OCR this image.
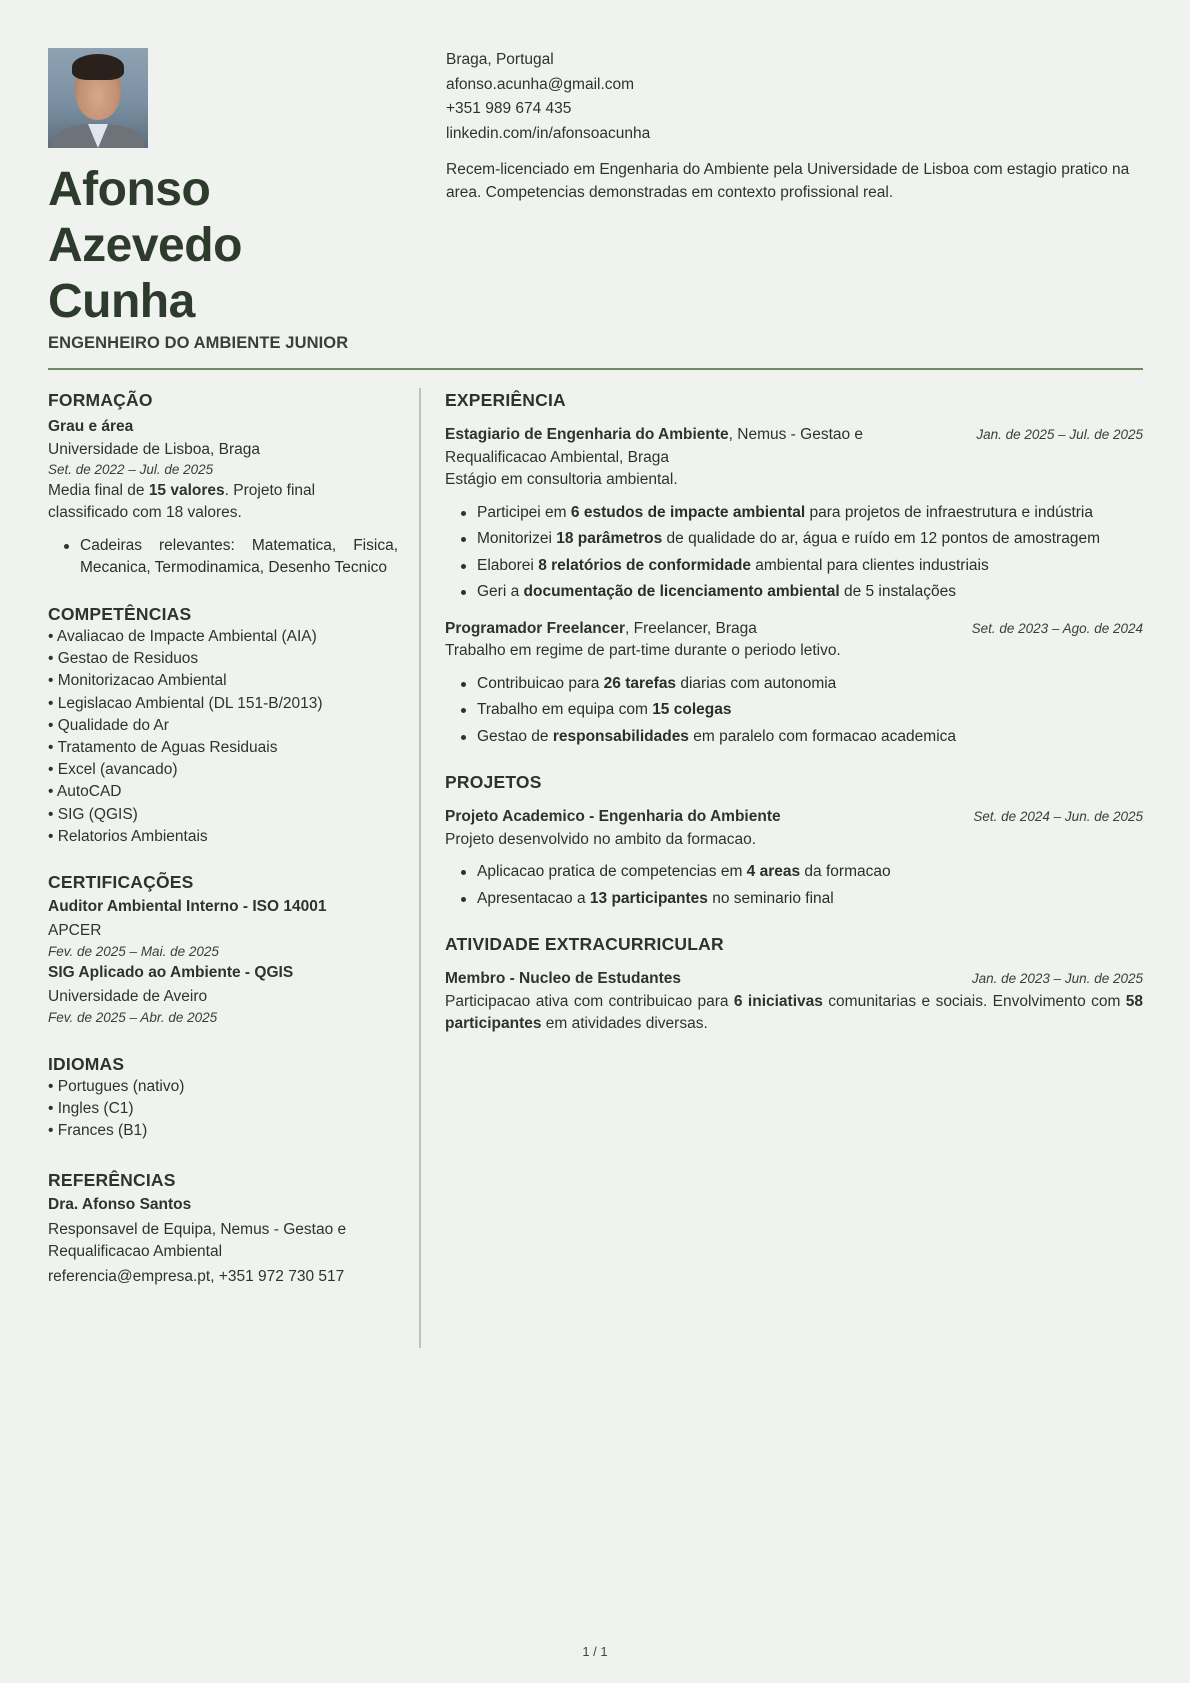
Afonso
Azevedo
Cunha
ENGENHEIRO DO AMBIENTE JUNIOR
Braga, Portugal
afonso.acunha@gmail.com
+351 989 674 435
linkedin.com/in/afonsoacunha
Recem-licenciado em Engenharia do Ambiente pela Universidade de Lisboa com estagio pratico na area. Competencias demonstradas em contexto profissional real.
FORMAÇÃO
Grau e área
Universidade de Lisboa, Braga
Set. de 2022 – Jul. de 2025
Media final de 15 valores. Projeto final classificado com 18 valores.
Cadeiras relevantes: Matematica, Fisica, Mecanica, Termodinamica, Desenho Tecnico
COMPETÊNCIAS
• Avaliacao de Impacte Ambiental (AIA)
• Gestao de Residuos
• Monitorizacao Ambiental
• Legislacao Ambiental (DL 151-B/2013)
• Qualidade do Ar
• Tratamento de Aguas Residuais
• Excel (avancado)
• AutoCAD
• SIG (QGIS)
• Relatorios Ambientais
CERTIFICAÇÕES
Auditor Ambiental Interno - ISO 14001
APCER
Fev. de 2025 – Mai. de 2025
SIG Aplicado ao Ambiente - QGIS
Universidade de Aveiro
Fev. de 2025 – Abr. de 2025
IDIOMAS
• Portugues (nativo)
• Ingles (C1)
• Frances (B1)
REFERÊNCIAS
Dra. Afonso Santos
Responsavel de Equipa, Nemus - Gestao e Requalificacao Ambiental
referencia@empresa.pt, +351 972 730 517
EXPERIÊNCIA
Estagiario de Engenharia do Ambiente, Nemus - Gestao e Requalificacao Ambiental, Braga
Jan. de 2025 – Jul. de 2025
Estágio em consultoria ambiental.
Participei em 6 estudos de impacte ambiental para projetos de infraestrutura e indústria
Monitorizei 18 parâmetros de qualidade do ar, água e ruído em 12 pontos de amostragem
Elaborei 8 relatórios de conformidade ambiental para clientes industriais
Geri a documentação de licenciamento ambiental de 5 instalações
Programador Freelancer, Freelancer, Braga	Set. de 2023 – Ago. de 2024
Trabalho em regime de part-time durante o periodo letivo.
Contribuicao para 26 tarefas diarias com autonomia
Trabalho em equipa com 15 colegas
Gestao de responsabilidades em paralelo com formacao academica
PROJETOS
Projeto Academico - Engenharia do Ambiente	Set. de 2024 – Jun. de 2025
Projeto desenvolvido no ambito da formacao.
Aplicacao pratica de competencias em 4 areas da formacao
Apresentacao a 13 participantes no seminario final
ATIVIDADE EXTRACURRICULAR
Membro - Nucleo de Estudantes	Jan. de 2023 – Jun. de 2025
Participacao ativa com contribuicao para 6 iniciativas comunitarias e sociais. Envolvimento com 58 participantes em atividades diversas.
1 / 1
